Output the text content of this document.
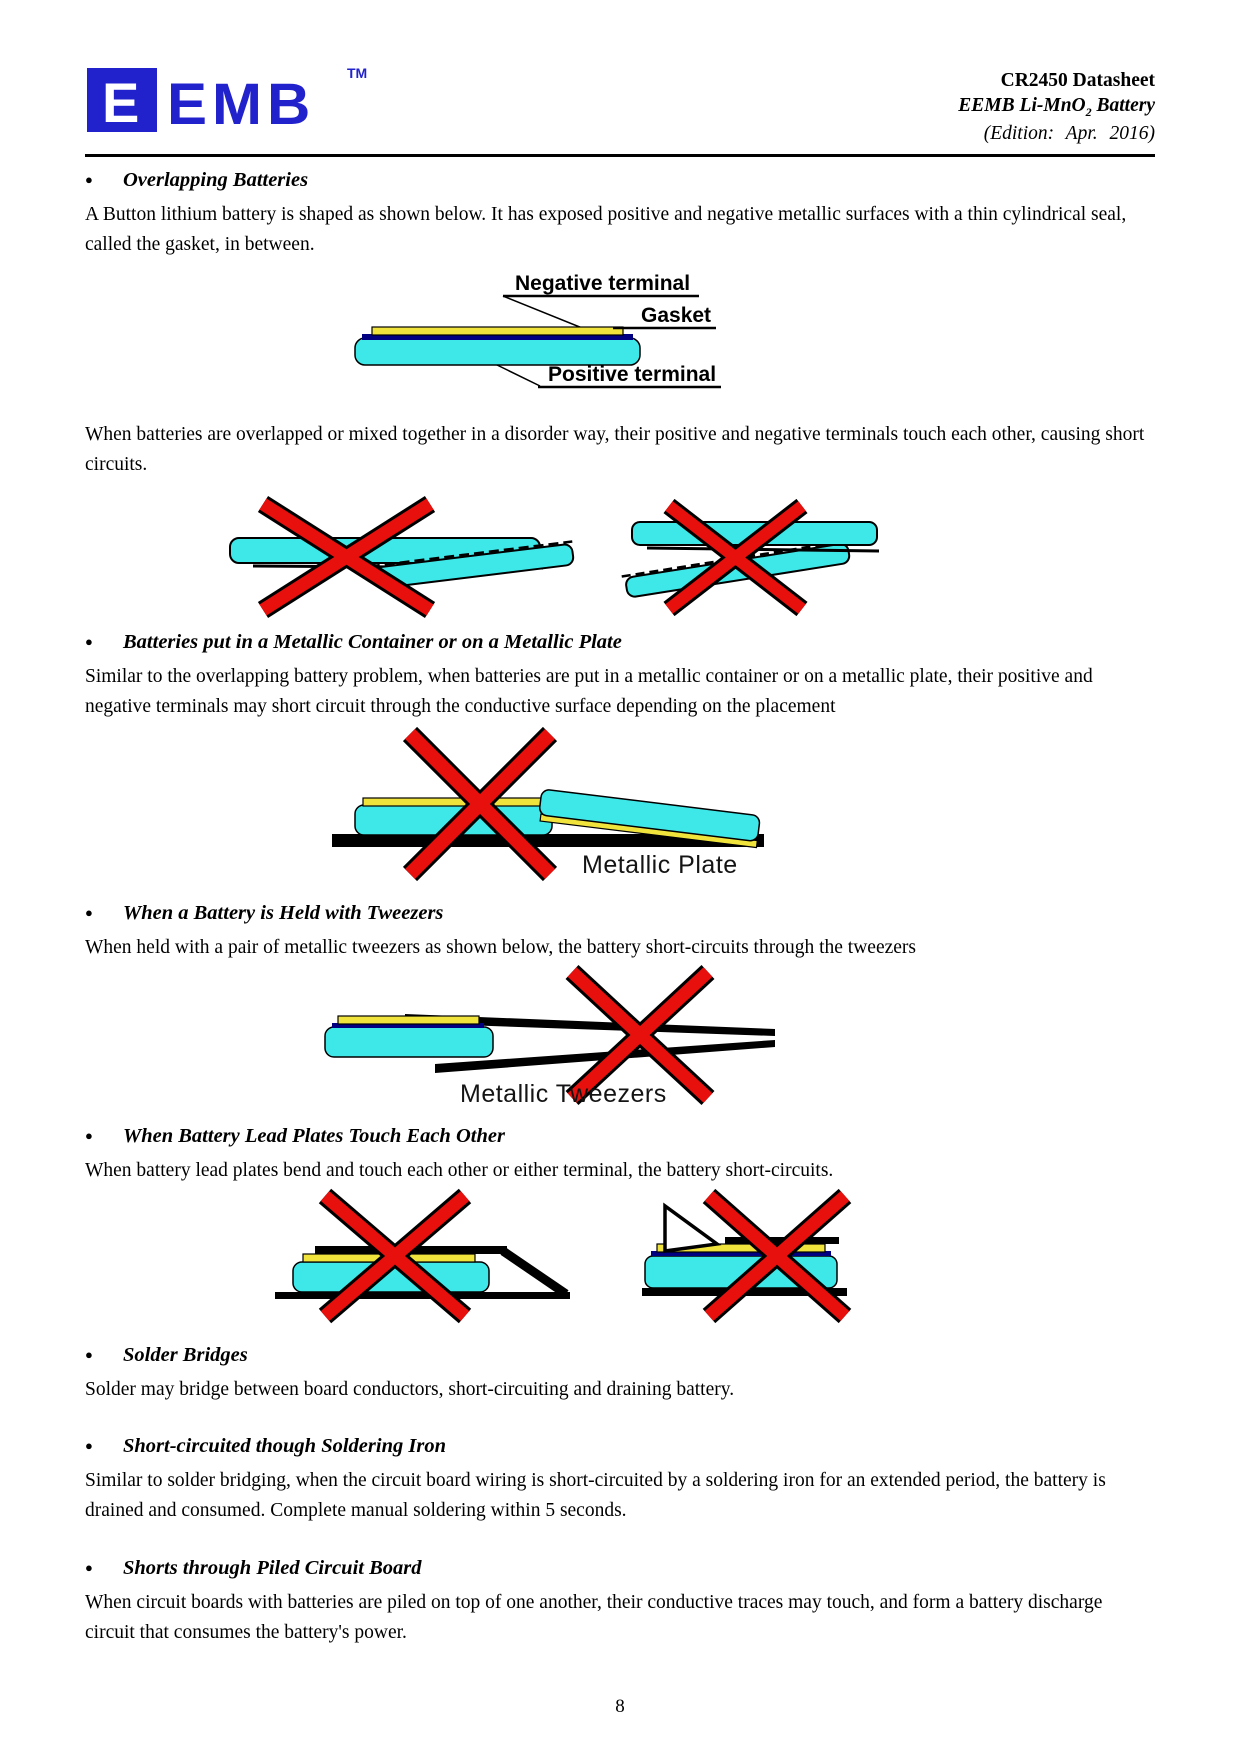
E EMB TM	CR2450 Datasheet
EEMB Li-MnO$_2$ Battery
(Edition: Apr. 2016)
●	Overlapping Batteries

A Button lithium battery is shaped as shown below. It has exposed positive and negative metallic surfaces with a thin cylindrical seal, called the gasket, in between.

Negative terminal
Gasket
Positive terminal

When batteries are overlapped or mixed together in a disorder way, their positive and negative terminals touch each other, causing short circuits.

●	Batteries put in a Metallic Container or on a Metallic Plate

Similar to the overlapping battery problem, when batteries are put in a metallic container or on a metallic plate, their positive and negative terminals may short circuit through the conductive surface depending on the placement

Metallic Plate
●	When a Battery is Held with Tweezers

When held with a pair of metallic tweezers as shown below, the battery short-circuits through the tweezers

Metallic Tweezers
●	When Battery Lead Plates Touch Each Other

When battery lead plates bend and touch each other or either terminal, the battery short-circuits.

●	Solder Bridges

Solder may bridge between board conductors, short-circuiting and draining battery.

●	Short-circuited though Soldering Iron

Similar to solder bridging, when the circuit board wiring is short-circuited by a soldering iron for an extended period, the battery is drained and consumed. Complete manual soldering within 5 seconds.

●	Shorts through Piled Circuit Board

When circuit boards with batteries are piled on top of one another, their conductive traces may touch, and form a battery discharge circuit that consumes the battery's power.

8
